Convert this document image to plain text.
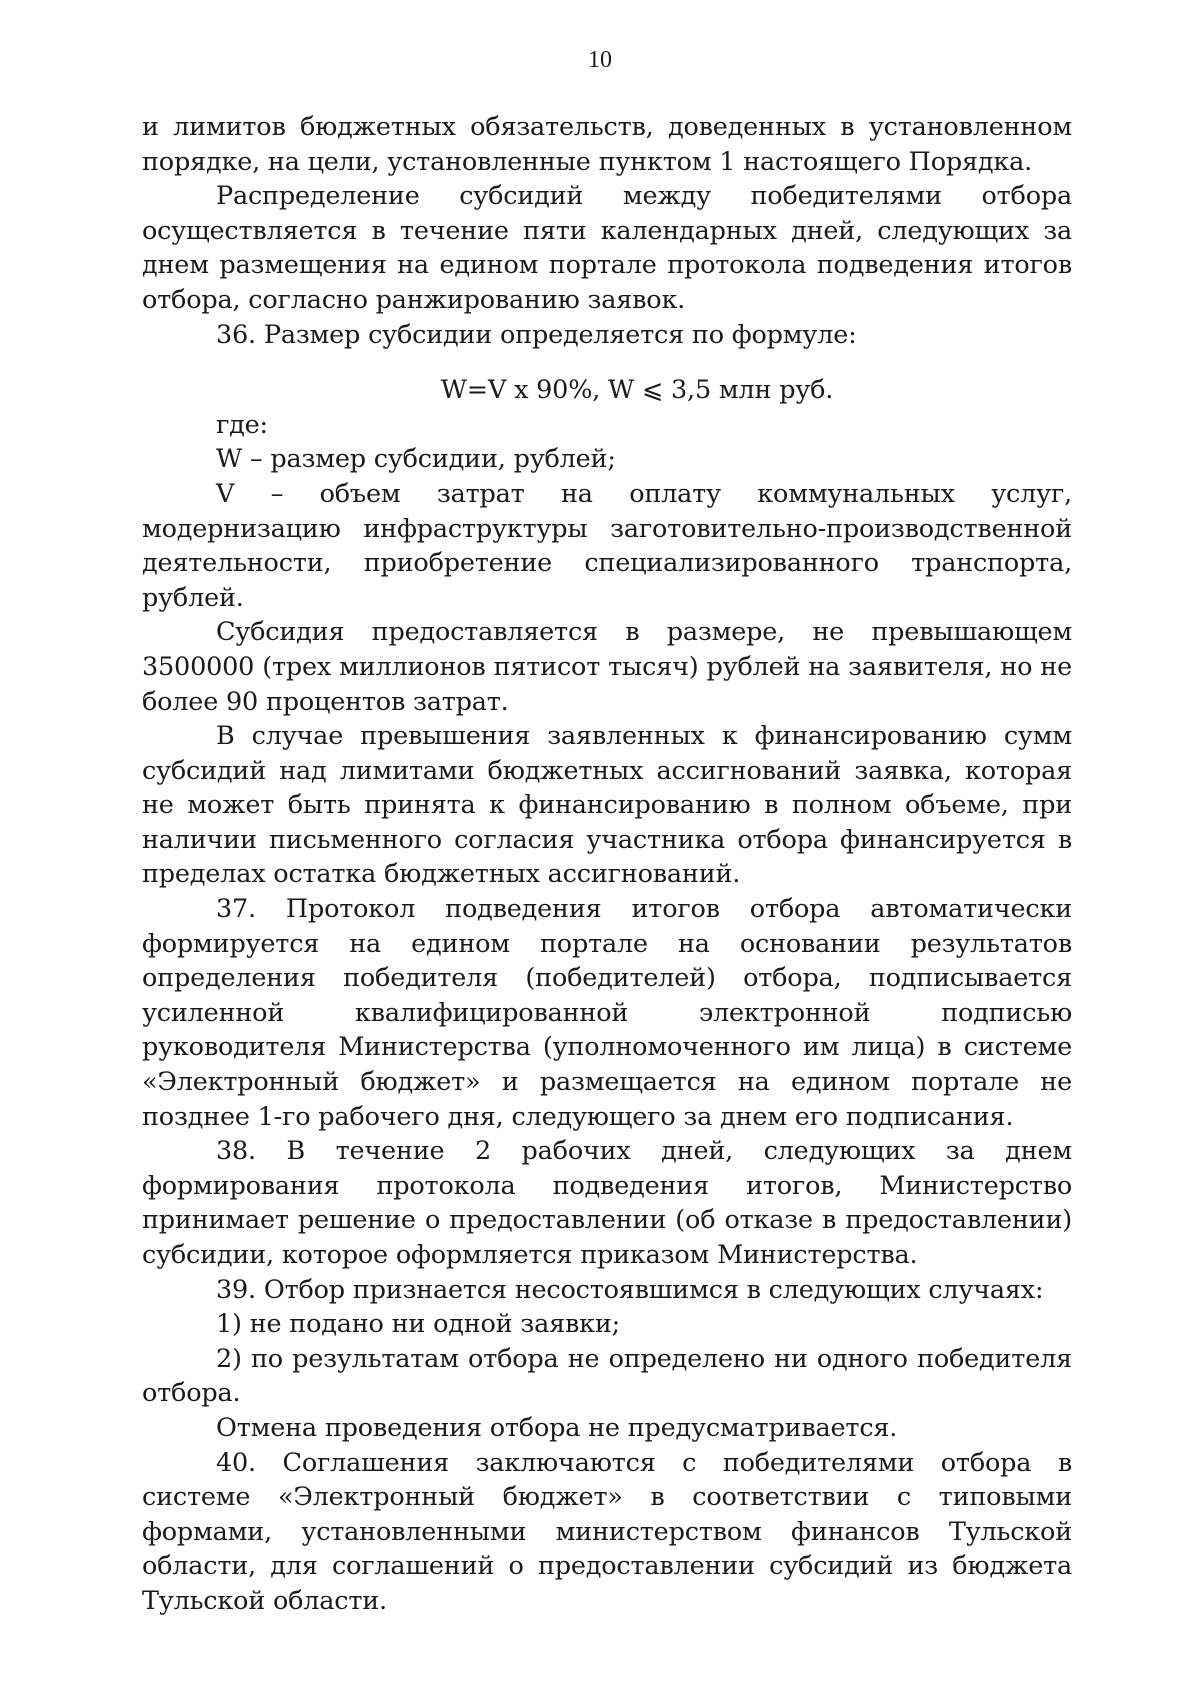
10

и лимитов бюджетных обязательств, доведенных в установленном порядке, на цели, установленные пунктом 1 настоящего Порядка.

Распределение субсидий между победителями отбора осуществляется в течение пяти календарных дней, следующих за днем размещения на едином портале протокола подведения итогов отбора, согласно ранжированию заявок.

36. Размер субсидии определяется по формуле:

W=V x 90%, W ⩽ 3,5 млн руб.

где:

W – размер субсидии, рублей;

V – объем затрат на оплату коммунальных услуг, модернизацию инфраструктуры заготовительно-производственной деятельности, приобретение специализированного транспорта, рублей.

Субсидия предоставляется в размере, не превышающем 3500000 (трех миллионов пятисот тысяч) рублей на заявителя, но не более 90 процентов затрат.

В случае превышения заявленных к финансированию сумм субсидий над лимитами бюджетных ассигнований заявка, которая не может быть принята к финансированию в полном объеме, при наличии письменного согласия участника отбора финансируется в пределах остатка бюджетных ассигнований.

37. Протокол подведения итогов отбора автоматически формируется на едином портале на основании результатов определения победителя (победителей) отбора, подписывается усиленной квалифицированной электронной подписью руководителя Министерства (уполномоченного им лица) в системе «Электронный бюджет» и размещается на едином портале не позднее 1-го рабочего дня, следующего за днем его подписания.

38. В течение 2 рабочих дней, следующих за днем формирования протокола подведения итогов, Министерство принимает решение о предоставлении (об отказе в предоставлении) субсидии, которое оформляется приказом Министерства.

39. Отбор признается несостоявшимся в следующих случаях:

1) не подано ни одной заявки;

2) по результатам отбора не определено ни одного победителя отбора.

Отмена проведения отбора не предусматривается.

40. Соглашения заключаются с победителями отбора в системе «Электронный бюджет» в соответствии с типовыми формами, установленными министерством финансов Тульской области, для соглашений о предоставлении субсидий из бюджета Тульской области.
